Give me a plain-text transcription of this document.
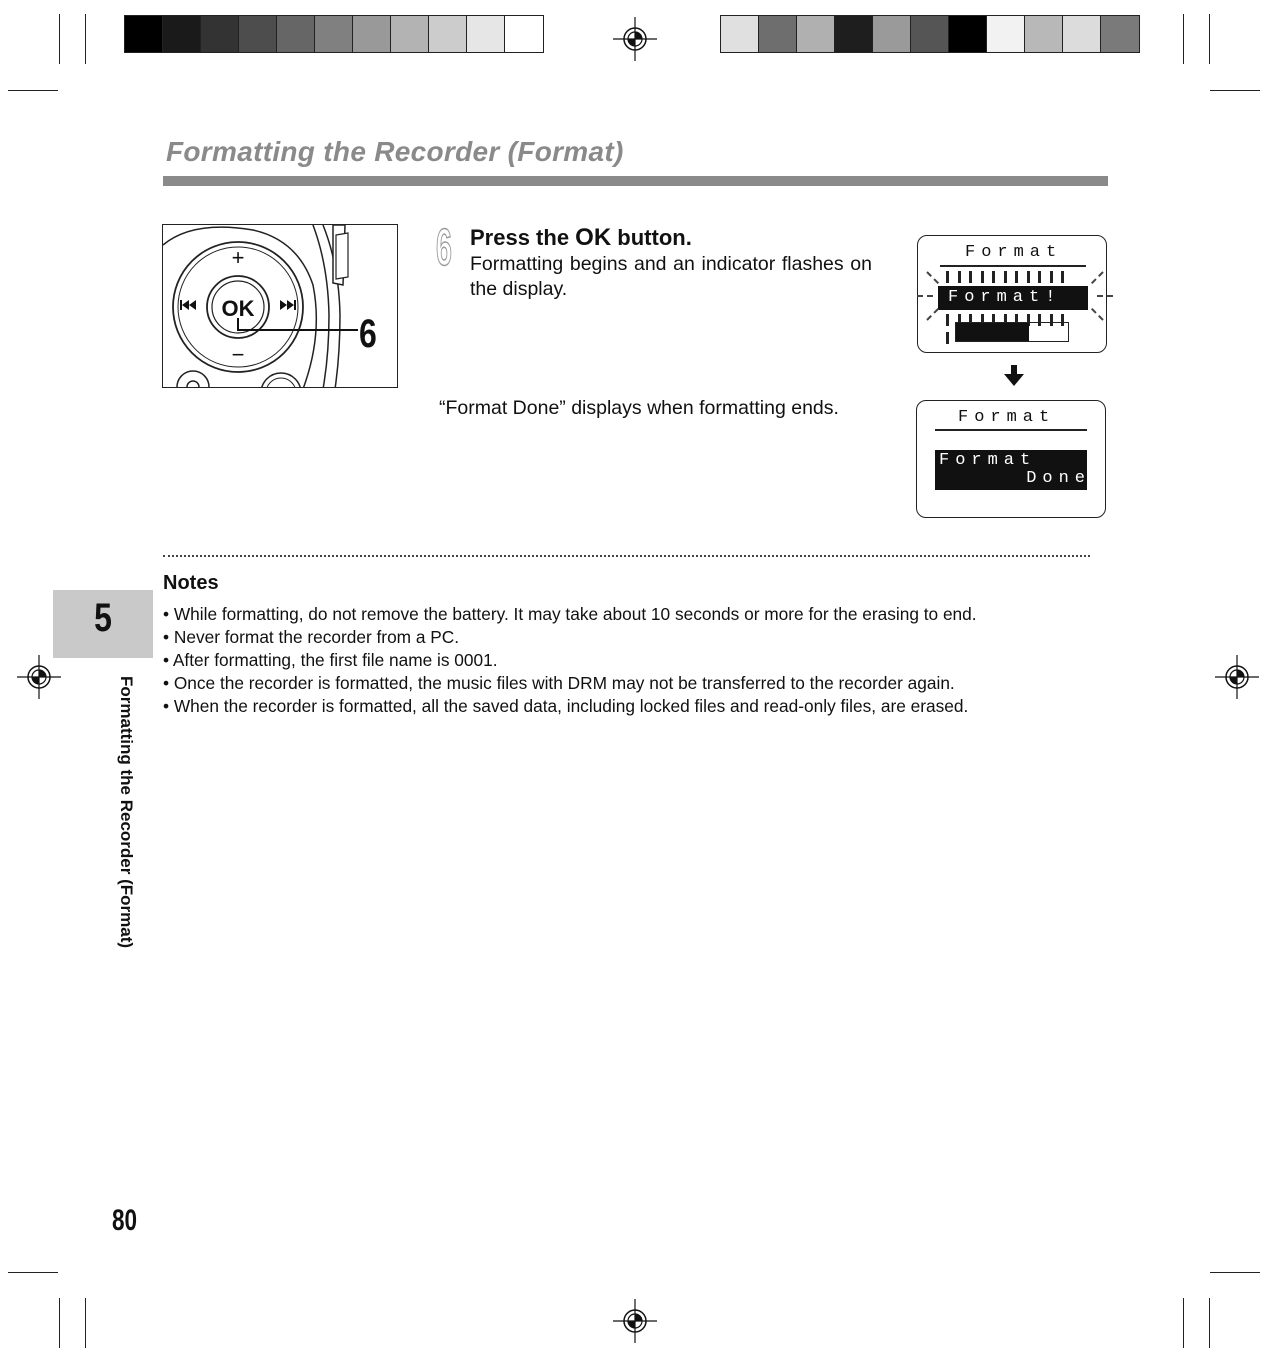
Formatting the Recorder (Format)
+
−
OK
6
6 Press the OK button.
Formatting begins and an indicator flashes on the display.
“Format Done” displays when formatting ends.
Format
Format!
Format
Format
Done
Notes
• While formatting, do not remove the battery. It may take about 10 seconds or more for the erasing to end.
• Never format the recorder from a PC.
• After formatting, the first file name is 0001.
• Once the recorder is formatted, the music files with DRM may not be transferred to the recorder again.
• When the recorder is formatted, all the saved data, including locked files and read-only files, are erased.
5
Formatting the Recorder (Format)
80
